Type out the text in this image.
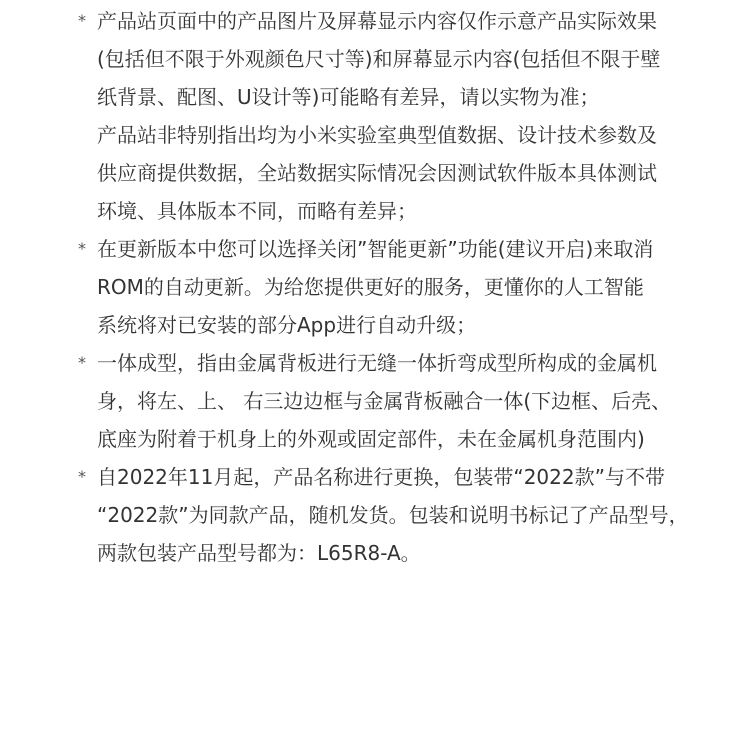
* 产品站页面中的产品图片及屏幕显示内容仅作示意产品实际效果
(包括但不限于外观颜色尺寸等)和屏幕显示内容(包括但不限于壁
纸背景、配图、U设计等)可能略有差异，请以实物为准；
产品站非特别指出均为小米实验室典型值数据、设计技术参数及
供应商提供数据，全站数据实际情况会因测试软件版本具体测试
环境、具体版本不同，而略有差异；
* 在更新版本中您可以选择关闭”智能更新”功能(建议开启)来取消
ROM的自动更新。为给您提供更好的服务，更懂你的人工智能
系统将对已安装的部分App进行自动升级；
* 一体成型，指由金属背板进行无缝一体折弯成型所构成的金属机
身，将左、上、 右三边边框与金属背板融合一体(下边框、后壳、
底座为附着于机身上的外观或固定部件，未在金属机身范围内)
* 自2022年11月起，产品名称进行更换，包装带“2022款”与不带
“2022款”为同款产品，随机发货。包装和说明书标记了产品型号，
两款包装产品型号都为：L65R8-A。
